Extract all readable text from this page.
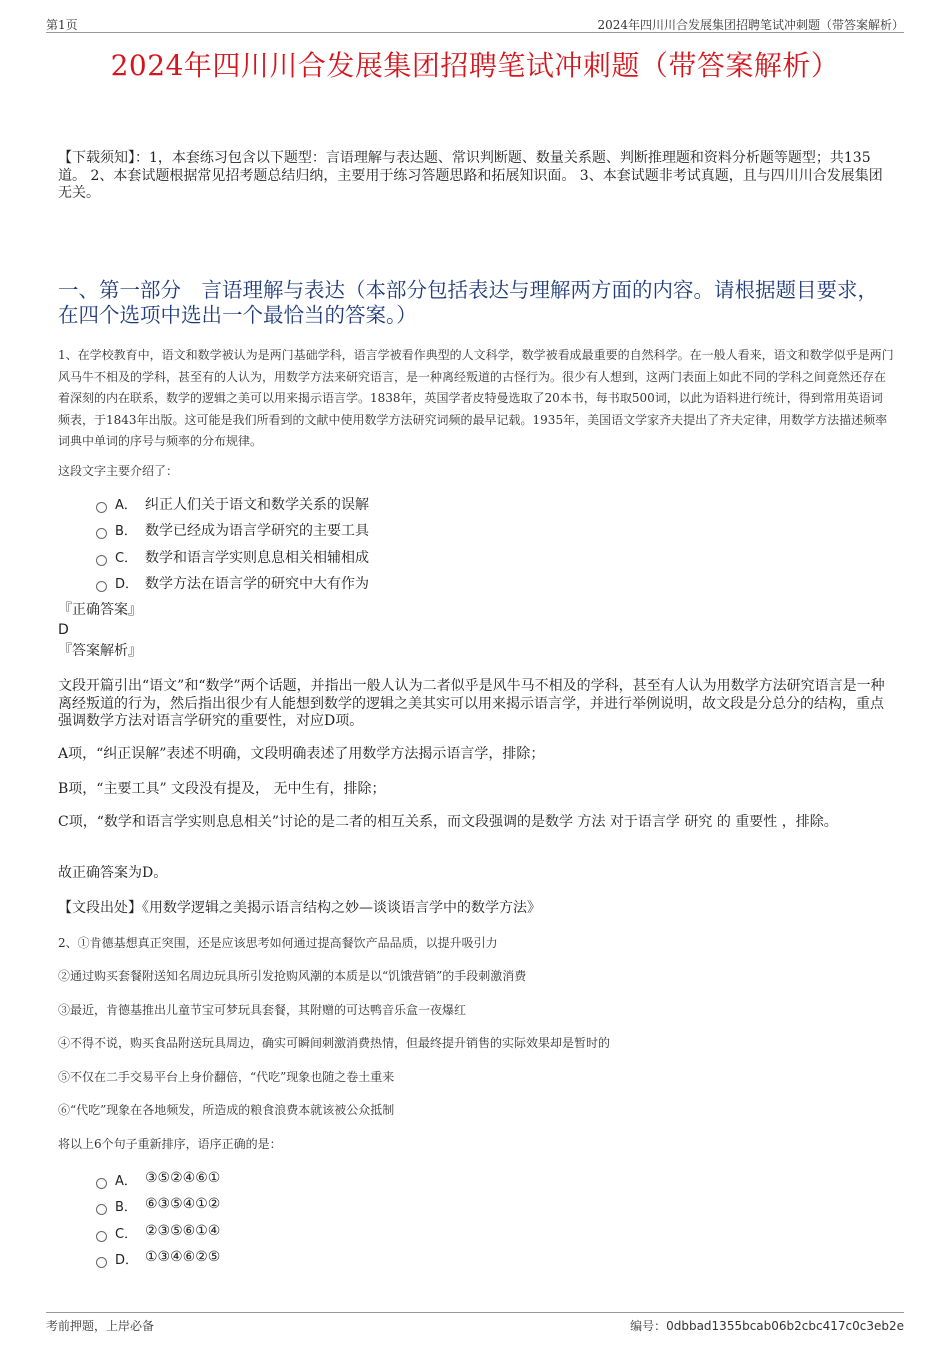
第1页	2024年四川川合发展集团招聘笔试冲刺题（带答案解析）
2024年四川川合发展集团招聘笔试冲刺题（带答案解析）
【下载须知】：1，本套练习包含以下题型：言语理解与表达题、常识判断题、数量关系题、判断推理题和资料分析题等题型；共135道。 2、本套试题根据常见招考题总结归纳，主要用于练习答题思路和拓展知识面。 3、本套试题非考试真题，且与四川川合发展集团无关。
一、第一部分　言语理解与表达（本部分包括表达与理解两方面的内容。请根据题目要求，在四个选项中选出一个最恰当的答案。）
1、在学校教育中，语文和数学被认为是两门基础学科，语言学被看作典型的人文科学，数学被看成最重要的自然科学。在一般人看来，语文和数学似乎是两门风马牛不相及的学科，甚至有的人认为，用数学方法来研究语言，是一种离经叛道的古怪行为。很少有人想到，这两门表面上如此不同的学科之间竟然还存在着深刻的内在联系，数学的逻辑之美可以用来揭示语言学。1838年，英国学者皮特曼选取了20本书，每书取500词，以此为语料进行统计，得到常用英语词频表，于1843年出版。这可能是我们所看到的文献中使用数学方法研究词频的最早记载。1935年，美国语文学家齐夫提出了齐夫定律，用数学方法描述频率词典中单词的序号与频率的分布规律。
这段文字主要介绍了：
A． 纠正人们关于语文和数学关系的误解
B． 数学已经成为语言学研究的主要工具
C． 数学和语言学实则息息相关相辅相成
D． 数学方法在语言学的研究中大有作为
『正确答案』
D
『答案解析』
文段开篇引出“语文”和“数学”两个话题，并指出一般人认为二者似乎是风牛马不相及的学科，甚至有人认为用数学方法研究语言是一种离经叛道的行为，然后指出很少有人能想到数学的逻辑之美其实可以用来揭示语言学，并进行举例说明，故文段是分总分的结构，重点强调数学方法对语言学研究的重要性，对应D项。
A项，“纠正误解”表述不明确，文段明确表述了用数学方法揭示语言学，排除；
B项，“主要工具” 文段没有提及， 无中生有，排除；
C项，“数学和语言学实则息息相关”讨论的是二者的相互关系，而文段强调的是数学 方法 对于语言学 研究 的 重要性 ，排除。
故正确答案为D。
【文段出处】《用数学逻辑之美揭示语言结构之妙—谈谈语言学中的数学方法》
2、①肯德基想真正突围，还是应该思考如何通过提高餐饮产品品质，以提升吸引力
②通过购买套餐附送知名周边玩具所引发抢购风潮的本质是以“饥饿营销”的手段刺激消费
③最近，肯德基推出儿童节宝可梦玩具套餐，其附赠的可达鸭音乐盒一夜爆红
④不得不说，购买食品附送玩具周边，确实可瞬间刺激消费热情，但最终提升销售的实际效果却是暂时的
⑤不仅在二手交易平台上身价翻倍，“代吃”现象也随之卷土重来
⑥“代吃”现象在各地频发，所造成的粮食浪费本就该被公众抵制
将以上6个句子重新排序，语序正确的是：
A． ③⑤②④⑥①
B． ⑥③⑤④①②
C． ②③⑤⑥①④
D． ①③④⑥②⑤
考前押题，上岸必备	编号：0dbbad1355bcab06b2cbc417c0c3eb2e
